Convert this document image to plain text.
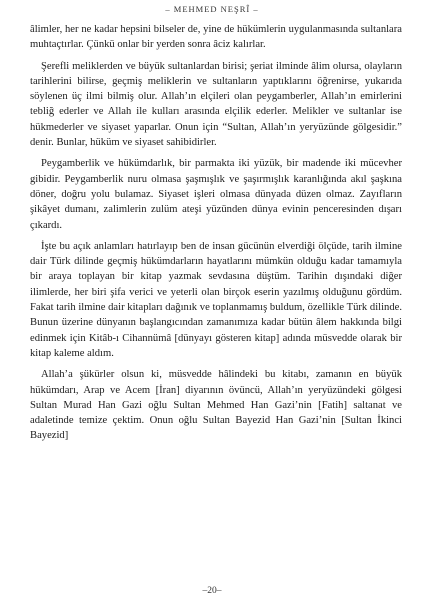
– MEHMED NEŞRÎ –

âlimler, her ne kadar hepsini bilseler de, yine de hükümlerin uygulanmasında sultanlara muhtaçtırlar. Çünkü onlar bir yerden sonra âciz kalırlar.

Şerefli meliklerden ve büyük sultanlardan birisi; şeriat ilminde âlim olursa, olayların tarihlerini bilirse, geçmiş meliklerin ve sultanların yaptıklarını öğrenirse, yukarıda söylenen üç ilmi bilmiş olur. Allah’ın elçileri olan peygamberler, Allah’ın emirlerini tebliğ ederler ve Allah ile kulları arasında elçilik ederler. Melikler ve sultanlar ise hükmederler ve siyaset yaparlar. Onun için “Sultan, Allah’ın yeryüzünde gölgesidir.” denir. Bunlar, hüküm ve siyaset sahibidirler.

Peygamberlik ve hükümdarlık, bir parmakta iki yüzük, bir madende iki mücevher gibidir. Peygamberlik nuru olmasa şaşmışlık ve şaşırmışlık karanlığında akıl şaşkına döner, doğru yolu bulamaz. Siyaset işleri olmasa dünyada düzen olmaz. Zayıfların şikâyet dumanı, zalimlerin zulüm ateşi yüzünden dünya evinin penceresinden dışarı çıkardı.

İşte bu açık anlamları hatırlayıp ben de insan gücünün elverdiği ölçüde, tarih ilmine dair Türk dilinde geçmiş hükümdarların hayatlarını mümkün olduğu kadar tamamıyla bir araya toplayan bir kitap yazmak sevdasına düştüm. Tarihin dışındaki diğer ilimlerde, her biri şifa verici ve yeterli olan birçok eserin yazılmış olduğunu gördüm. Fakat tarih ilmine dair kitapları dağınık ve toplanmamış buldum, özellikle Türk dilinde. Bunun üzerine dünyanın başlangıcından zamanımıza kadar bütün âlem hakkında bilgi edinmek için Kitâb-ı Cihannümâ [dünyayı gösteren kitap] adında müsvedde olarak bir kitap kaleme aldım.

Allah’a şükürler olsun ki, müsvedde hâlindeki bu kitabı, zamanın en büyük hükümdarı, Arap ve Acem [İran] diyarının övüncü, Allah’ın yeryüzündeki gölgesi Sultan Murad Han Gazi oğlu Sultan Mehmed Han Gazi’nin [Fatih] saltanat ve adaletinde temize çektim. Onun oğlu Sultan Bayezid Han Gazi’nin [Sultan İkinci Bayezid]

–20–
